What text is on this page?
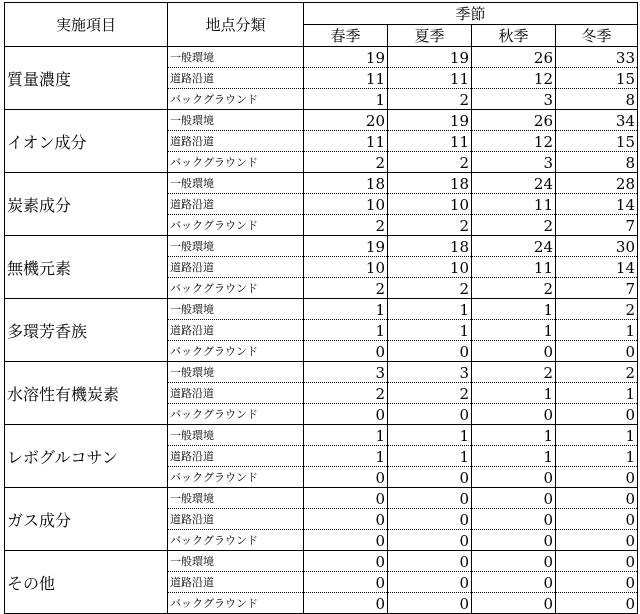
実施項目	地点分類	季節			
		春季	夏季	秋季	冬季
質量濃度	一般環境	19	19	26	33
	道路沿道	11	11	12	15
	バックグラウンド	1	2	3	8
イオン成分	一般環境	20	19	26	34
	道路沿道	11	11	12	15
	バックグラウンド	2	2	3	8
炭素成分	一般環境	18	18	24	28
	道路沿道	10	10	11	14
	バックグラウンド	2	2	2	7
無機元素	一般環境	19	18	24	30
	道路沿道	10	10	11	14
	バックグラウンド	2	2	2	7
多環芳香族	一般環境	1	1	1	2
	道路沿道	1	1	1	1
	バックグラウンド	0	0	0	0
水溶性有機炭素	一般環境	3	3	2	2
	道路沿道	2	2	1	1
	バックグラウンド	0	0	0	0
レボグルコサン	一般環境	1	1	1	1
	道路沿道	1	1	1	1
	バックグラウンド	0	0	0	0
ガス成分	一般環境	0	0	0	0
	道路沿道	0	0	0	0
	バックグラウンド	0	0	0	0
その他	一般環境	0	0	0	0
	道路沿道	0	0	0	0
	バックグラウンド	0	0	0	0
